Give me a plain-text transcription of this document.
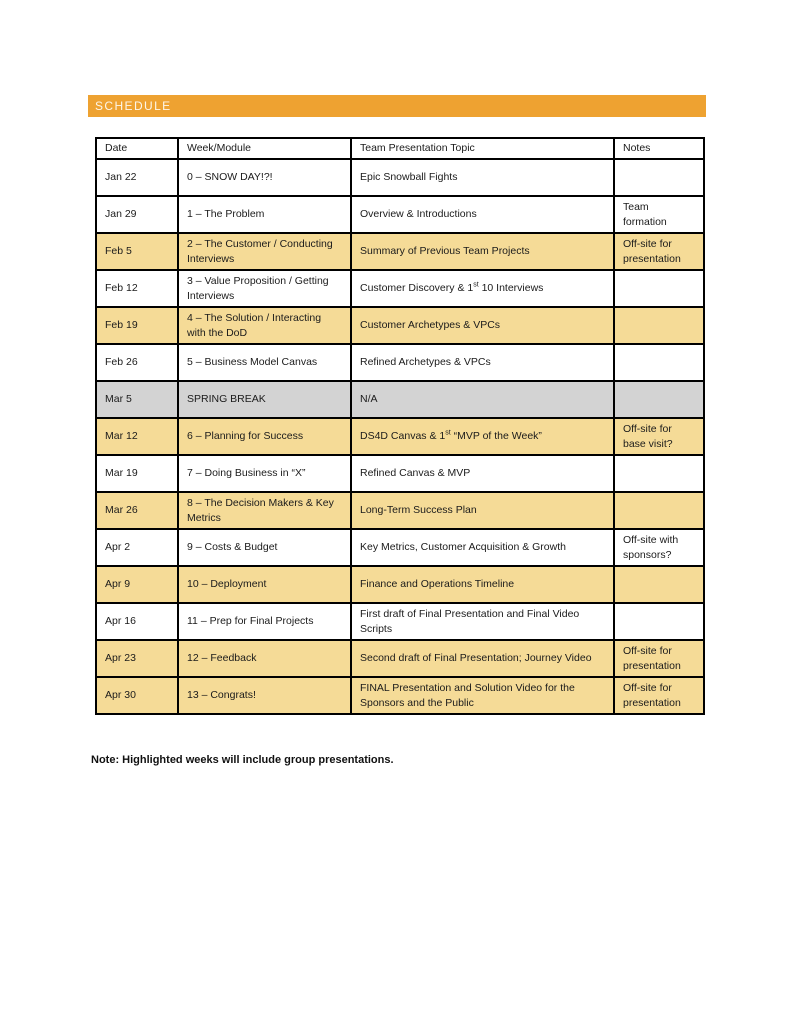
SCHEDULE
Date	Week/Module	Team Presentation Topic	Notes
Jan 22	0 – SNOW DAY!?!	Epic Snowball Fights	
Jan 29	1 – The Problem	Overview & Introductions	Team formation
Feb 5	2 – The Customer / Conducting Interviews	Summary of Previous Team Projects	Off-site for presentation
Feb 12	3 – Value Proposition / Getting Interviews	Customer Discovery & 1st 10 Interviews	
Feb 19	4 – The Solution / Interacting with the DoD	Customer Archetypes & VPCs	
Feb 26	5 – Business Model Canvas	Refined Archetypes & VPCs	
Mar 5	SPRING BREAK	N/A	
Mar 12	6 – Planning for Success	DS4D Canvas & 1st “MVP of the Week”	Off-site for base visit?
Mar 19	7 – Doing Business in “X”	Refined Canvas & MVP	
Mar 26	8 – The Decision Makers & Key Metrics	Long-Term Success Plan	
Apr 2	9 – Costs & Budget	Key Metrics, Customer Acquisition & Growth	Off-site with sponsors?
Apr 9	10 – Deployment	Finance and Operations Timeline	
Apr 16	11 – Prep for Final Projects	First draft of Final Presentation and Final Video Scripts	
Apr 23	12 – Feedback	Second draft of Final Presentation; Journey Video	Off-site for presentation
Apr 30	13 – Congrats!	FINAL Presentation and Solution Video for the Sponsors and the Public	Off-site for presentation

Note: Highlighted weeks will include group presentations.
